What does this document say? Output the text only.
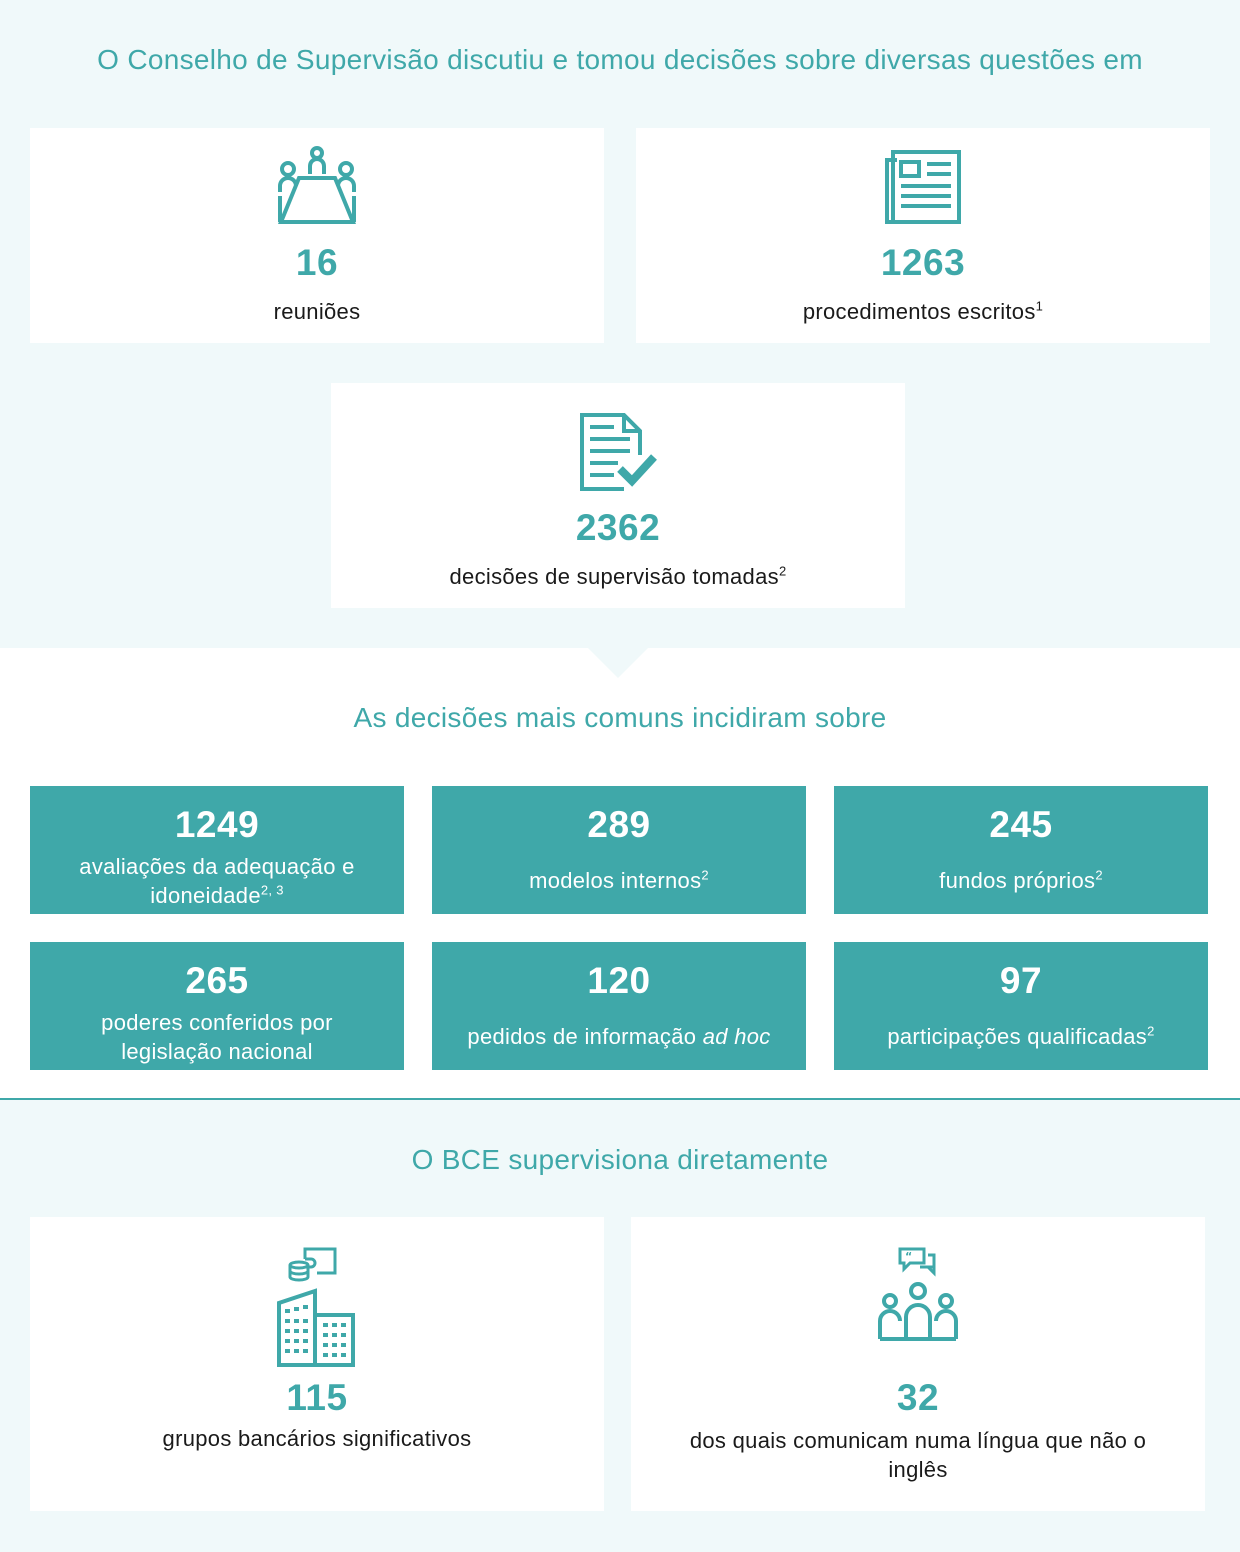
O Conselho de Supervisão discutiu e tomou decisões sobre diversas questões em
16
reuniões
1263
procedimentos escritos$^1$
2362
decisões de supervisão tomadas$^2$
As decisões mais comuns incidiram sobre
1249
avaliações da adequação e idoneidade$^{2, 3}$
289
modelos internos$^2$
245
fundos próprios$^2$
265
poderes conferidos por legislação nacional
120
pedidos de informação ad hoc
97
participações qualificadas$^2$
O BCE supervisiona diretamente
115
grupos bancários significativos
“
32
dos quais comunicam numa língua que não o inglês
